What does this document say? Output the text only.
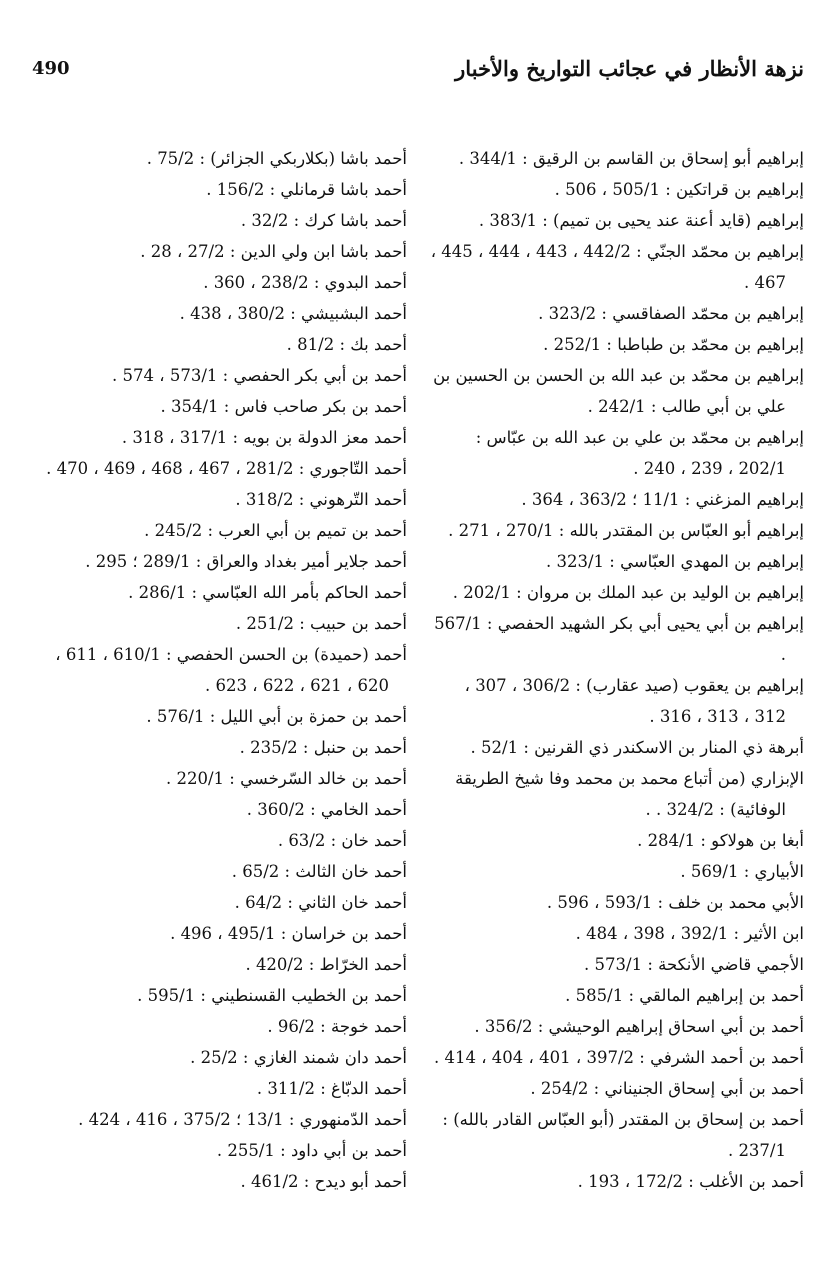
نزهة الأنظار في عجائب التواريخ والأخبار
490

إبراهيم أبو إسحاق بن القاسم بن الرقيق : 344/1 .

إبراهيم بن قراتكين : 505/1 ، 506 .

إبراهيم (قايد أعنة عند يحيى بن تميم) : 383/1 .

إبراهيم بن محمّد الجنّي : 442/2 ، 443 ، 444 ، 445 ، 467 .

إبراهيم بن محمّد الصفاقسي : 323/2 .

إبراهيم بن محمّد بن طباطبا : 252/1 .

إبراهيم بن محمّد بن عبد الله بن الحسن بن الحسين بن علي بن أبي طالب : 242/1 .

إبراهيم بن محمّد بن علي بن عبد الله بن عبّاس : 202/1 ، 239 ، 240 .

إبراهيم المزغني : 11/1 ؛ 363/2 ، 364 .

إبراهيم أبو العبّاس بن المقتدر بالله : 270/1 ، 271 .

إبراهيم بن المهدي العبّاسي : 323/1 .

إبراهيم بن الوليد بن عبد الملك بن مروان : 202/1 .

إبراهيم بن أبي يحيى أبي بكر الشهيد الحفصي : 567/1 .

إبراهيم بن يعقوب (صيد عقارب) : 306/2 ، 307 ، 312 ، 313 ، 316 .

أبرهة ذي المنار بن الاسكندر ذي القرنين : 52/1 .

الإبزاري (من أتباع محمد بن محمد وفا شيخ الطريقة الوفائية) : 324/2 . .

أبغا بن هولاكو : 284/1 .

الأبياري : 569/1 .

الأبي محمد بن خلف : 593/1 ، 596 .

ابن الأثير : 392/1 ، 398 ، 484 .

الأجمي قاضي الأنكحة : 573/1 .

أحمد بن إبراهيم المالقي : 585/1 .

أحمد بن أبي اسحاق إبراهيم الوحيشي : 356/2 .

أحمد بن أحمد الشرفي : 397/2 ، 401 ، 404 ، 414 .

أحمد بن أبي إسحاق الجنيناني : 254/2 .

أحمد بن إسحاق بن المقتدر (أبو العبّاس القادر بالله) : 237/1 .

أحمد بن الأغلب : 172/2 ، 193 .

أحمد باشا (بكلاربكي الجزائر) : 75/2 .

أحمد باشا قرمانلي : 156/2 .

أحمد باشا كرك : 32/2 .

أحمد باشا ابن ولي الدين : 27/2 ، 28 .

أحمد البدوي : 238/2 ، 360 .

أحمد البشبيشي : 380/2 ، 438 .

أحمد بك : 81/2 .

أحمد بن أبي بكر الحفصي : 573/1 ، 574 .

أحمد بن بكر صاحب فاس : 354/1 .

أحمد معز الدولة بن بويه : 317/1 ، 318 .

أحمد التّاجوري : 281/2 ، 467 ، 468 ، 469 ، 470 .

أحمد التّرهوني : 318/2 .

أحمد بن تميم بن أبي العرب : 245/2 .

أحمد جلاير أمير بغداد والعراق : 289/1 ؛ 295 .

أحمد الحاكم بأمر الله العبّاسي : 286/1 .

أحمد بن حبيب : 251/2 .

أحمد (حميدة) بن الحسن الحفصي : 610/1 ، 611 ، 620 ، 621 ، 622 ، 623 .

أحمد بن حمزة بن أبي الليل : 576/1 .

أحمد بن حنبل : 235/2 .

أحمد بن خالد السّرخسي : 220/1 .

أحمد الخامي : 360/2 .

أحمد خان : 63/2 .

أحمد خان الثالث : 65/2 .

أحمد خان الثاني : 64/2 .

أحمد بن خراسان : 495/1 ، 496 .

أحمد الخرّاط : 420/2 .

أحمد بن الخطيب القسنطيني : 595/1 .

أحمد خوجة : 96/2 .

أحمد دان شمند الغازي : 25/2 .

أحمد الدبّاغ : 311/2 .

أحمد الدّمنهوري : 13/1 ؛ 375/2 ، 416 ، 424 .

أحمد بن أبي داود : 255/1 .

أحمد أبو ديدح : 461/2 .
